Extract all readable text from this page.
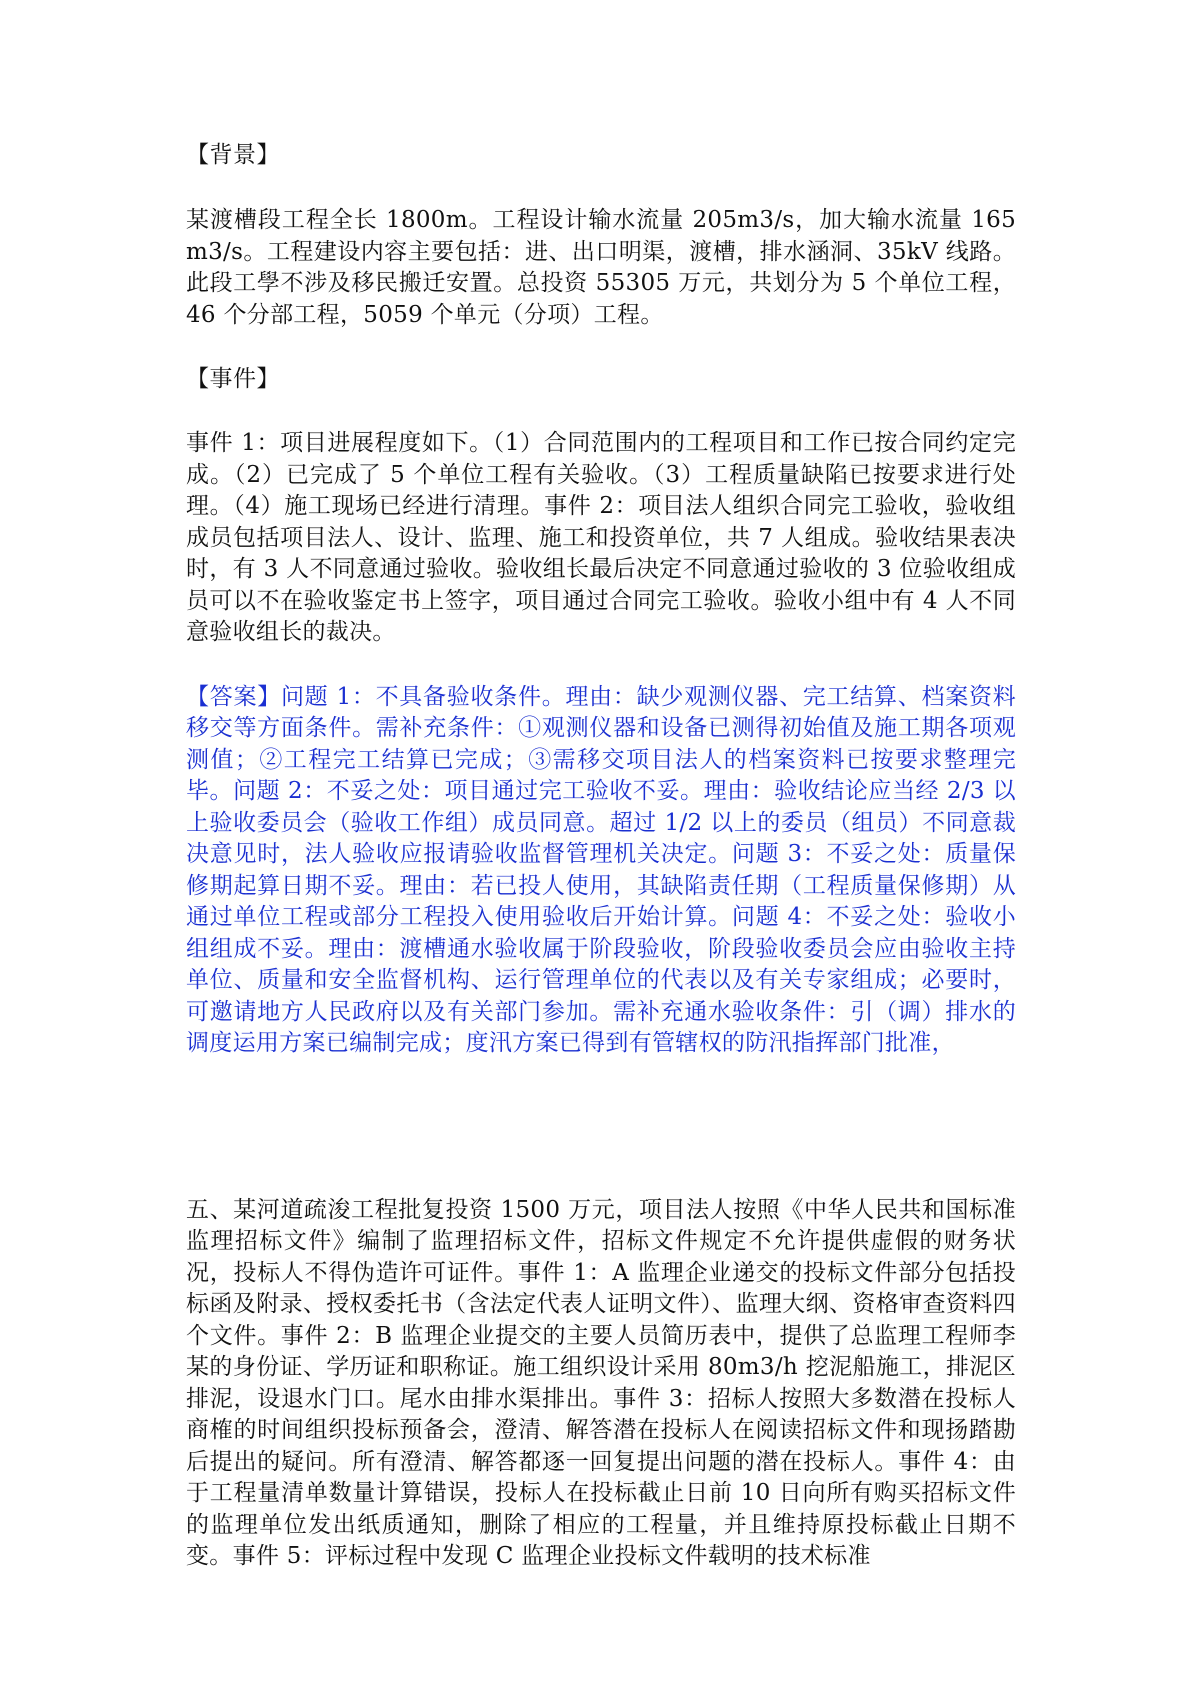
【背景】

某渡槽段工程全长 1800m。工程设计输水流量 205m3/s，加大输水流量 165m3/s。工程建设内容主要包括：进、出口明渠，渡槽，排水涵洞、35kV 线路。此段工學不涉及移民搬迁安置。总投资 55305 万元，共划分为 5 个单位工程，46 个分部工程，5059 个单元（分项）工程。

【事件】

事件 1：项目进展程度如下。（1）合同范围内的工程项目和工作已按合同约定完成。（2）已完成了 5 个单位工程有关验收。（3）工程质量缺陷已按要求进行处理。（4）施工现场已经进行清理。事件 2：项目法人组织合同完工验收，验收组成员包括项目法人、设计、监理、施工和投资单位，共 7 人组成。验收结果表决时，有 3 人不同意通过验收。验收组长最后决定不同意通过验收的 3 位验收组成员可以不在验收鉴定书上签字，项目通过合同完工验收。验收小组中有 4 人不同意验收组长的裁决。

【答案】问题 1：不具备验收条件。理由：缺少观测仪器、完工结算、档案资料移交等方面条件。需补充条件：①观测仪器和设备已测得初始值及施工期各项观测值；②工程完工结算已完成；③需移交项目法人的档案资料已按要求整理完毕。问题 2：不妥之处：项目通过完工验收不妥。理由：验收结论应当经 2/3 以上验收委员会（验收工作组）成员同意。超过 1/2 以上的委员（组员）不同意裁决意见时，法人验收应报请验收监督管理机关决定。问题 3：不妥之处：质量保修期起算日期不妥。理由：若已投人使用，其缺陷责任期（工程质量保修期）从通过单位工程或部分工程投入使用验收后开始计算。问题 4：不妥之处：验收小组组成不妥。理由：渡槽通水验收属于阶段验收，阶段验收委员会应由验收主持单位、质量和安全监督机构、运行管理单位的代表以及有关专家组成；必要时，可邀请地方人民政府以及有关部门参加。需补充通水验收条件：引（调）排水的调度运用方案已编制完成；度汛方案已得到有管辖权的防汛指挥部门批准，

五、某河道疏浚工程批复投资 1500 万元，项目法人按照《中华人民共和国标准监理招标文件》编制了监理招标文件，招标文件规定不允许提供虚假的财务状况，投标人不得伪造许可证件。事件 1：A 监理企业递交的投标文件部分包括投标函及附录、授权委托书（含法定代表人证明文件）、监理大纲、资格审查资料四个文件。事件 2：B 监理企业提交的主要人员简历表中，提供了总监理工程师李某的身份证、学历证和职称证。施工组织设计采用 80m3/h 挖泥船施工，排泥区排泥，设退水门口。尾水由排水渠排出。事件 3：招标人按照大多数潜在投标人商榷的时间组织投标预备会，澄清、解答潜在投标人在阅读招标文件和现扬踏勘后提出的疑问。所有澄清、解答都逐一回复提出问题的潜在投标人。事件 4：由于工程量清单数量计算错误，投标人在投标截止日前 10 日向所有购买招标文件的监理单位发出纸质通知，删除了相应的工程量，并且维持原投标截止日期不变。事件 5：评标过程中发现 C 监理企业投标文件载明的技术标准
